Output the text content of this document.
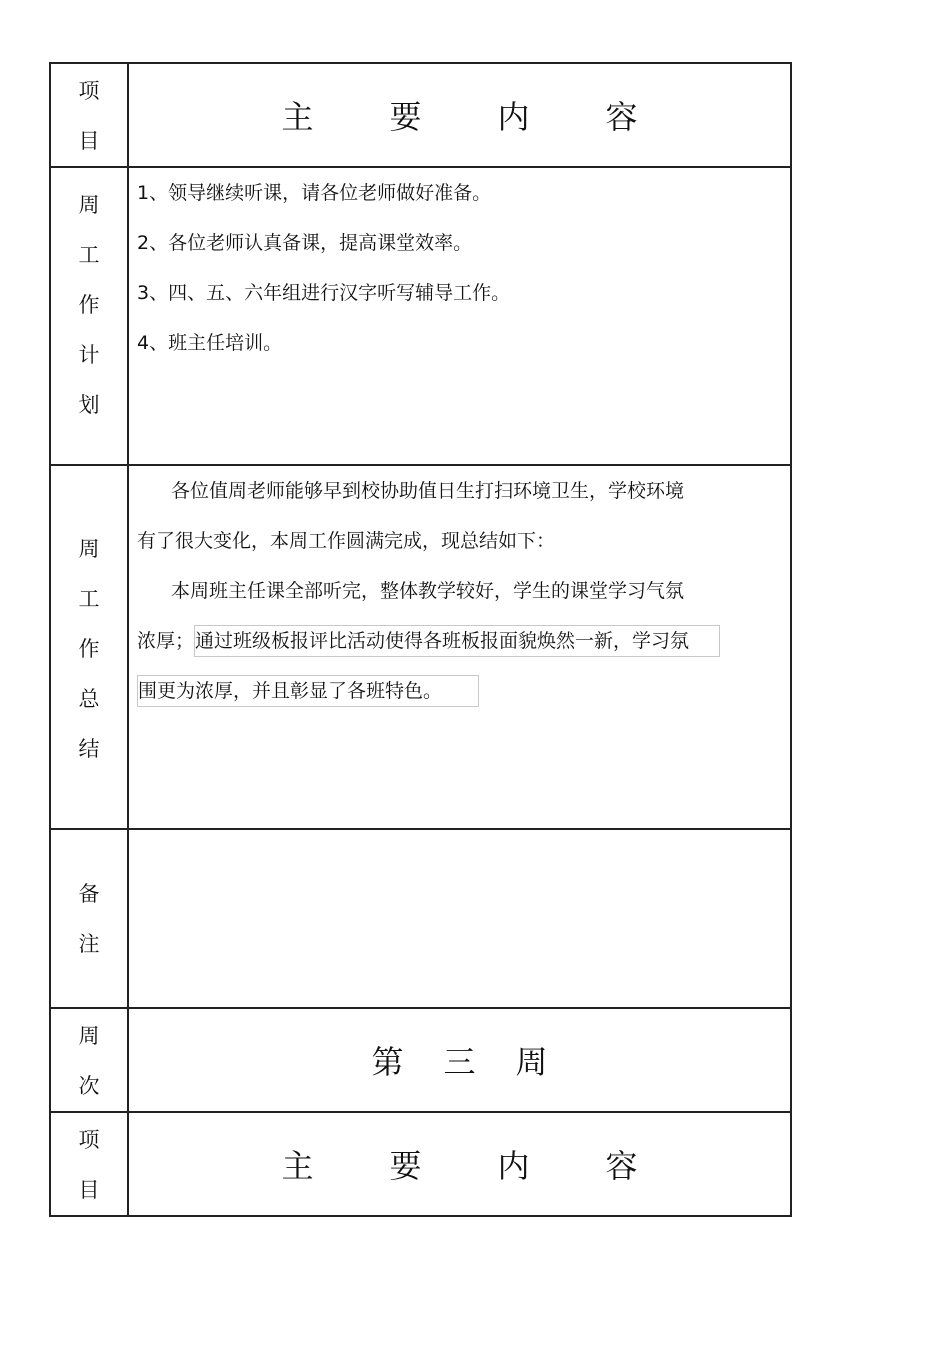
项
目	主 要 内 容

周
工
作
计
划	1、领导继续听课，请各位老师做好准备。
2、各位老师认真备课，提高课堂效率。
3、四、五、六年组进行汉字听写辅导工作。
4、班主任培训。

周
工
作
总
结	各位值周老师能够早到校协助值日生打扫环境卫生，学校环境
有了很大变化，本周工作圆满完成，现总结如下：
本周班主任课全部听完，整体教学较好，学生的课堂学习气氛
浓厚；通过班级板报评比活动使得各班板报面貌焕然一新，学习氛
围更为浓厚，并且彰显了各班特色。

备
注	

周
次	第 三 周

项
目	主 要 内 容
